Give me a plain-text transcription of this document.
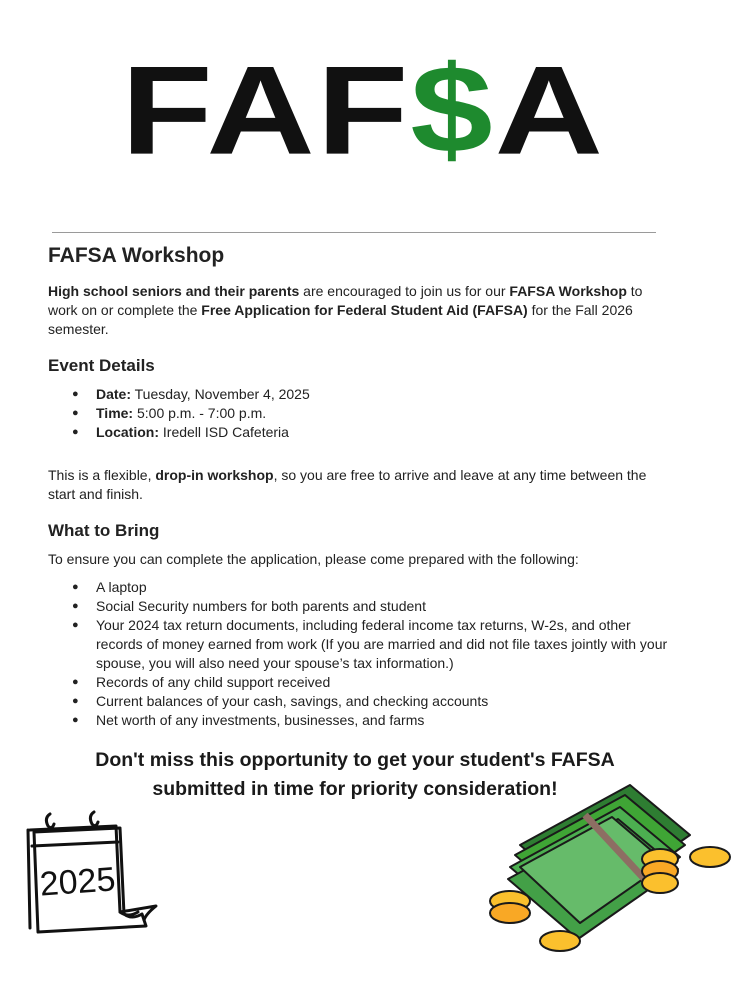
FAF $ A
FAFSA Workshop

High school seniors and their parents are encouraged to join us for our FAFSA Workshop to work on or complete the Free Application for Federal Student Aid (FAFSA) for the Fall 2026 semester.

Event Details
● Date: Tuesday, November 4, 2025
● Time: 5:00 p.m. - 7:00 p.m.
● Location: Iredell ISD Cafeteria

This is a flexible, drop-in workshop, so you are free to arrive and leave at any time between the start and finish.

What to Bring

To ensure you can complete the application, please come prepared with the following:

● A laptop
● Social Security numbers for both parents and student
● Your 2024 tax return documents, including federal income tax returns, W-2s, and other records of money earned from work (If you are married and did not file taxes jointly with your spouse, you will also need your spouse’s tax information.)
● Records of any child support received
● Current balances of your cash, savings, and checking accounts
● Net worth of any investments, businesses, and farms
Don't miss this opportunity to get your student's FAFSA
submitted in time for priority consideration!
2025
